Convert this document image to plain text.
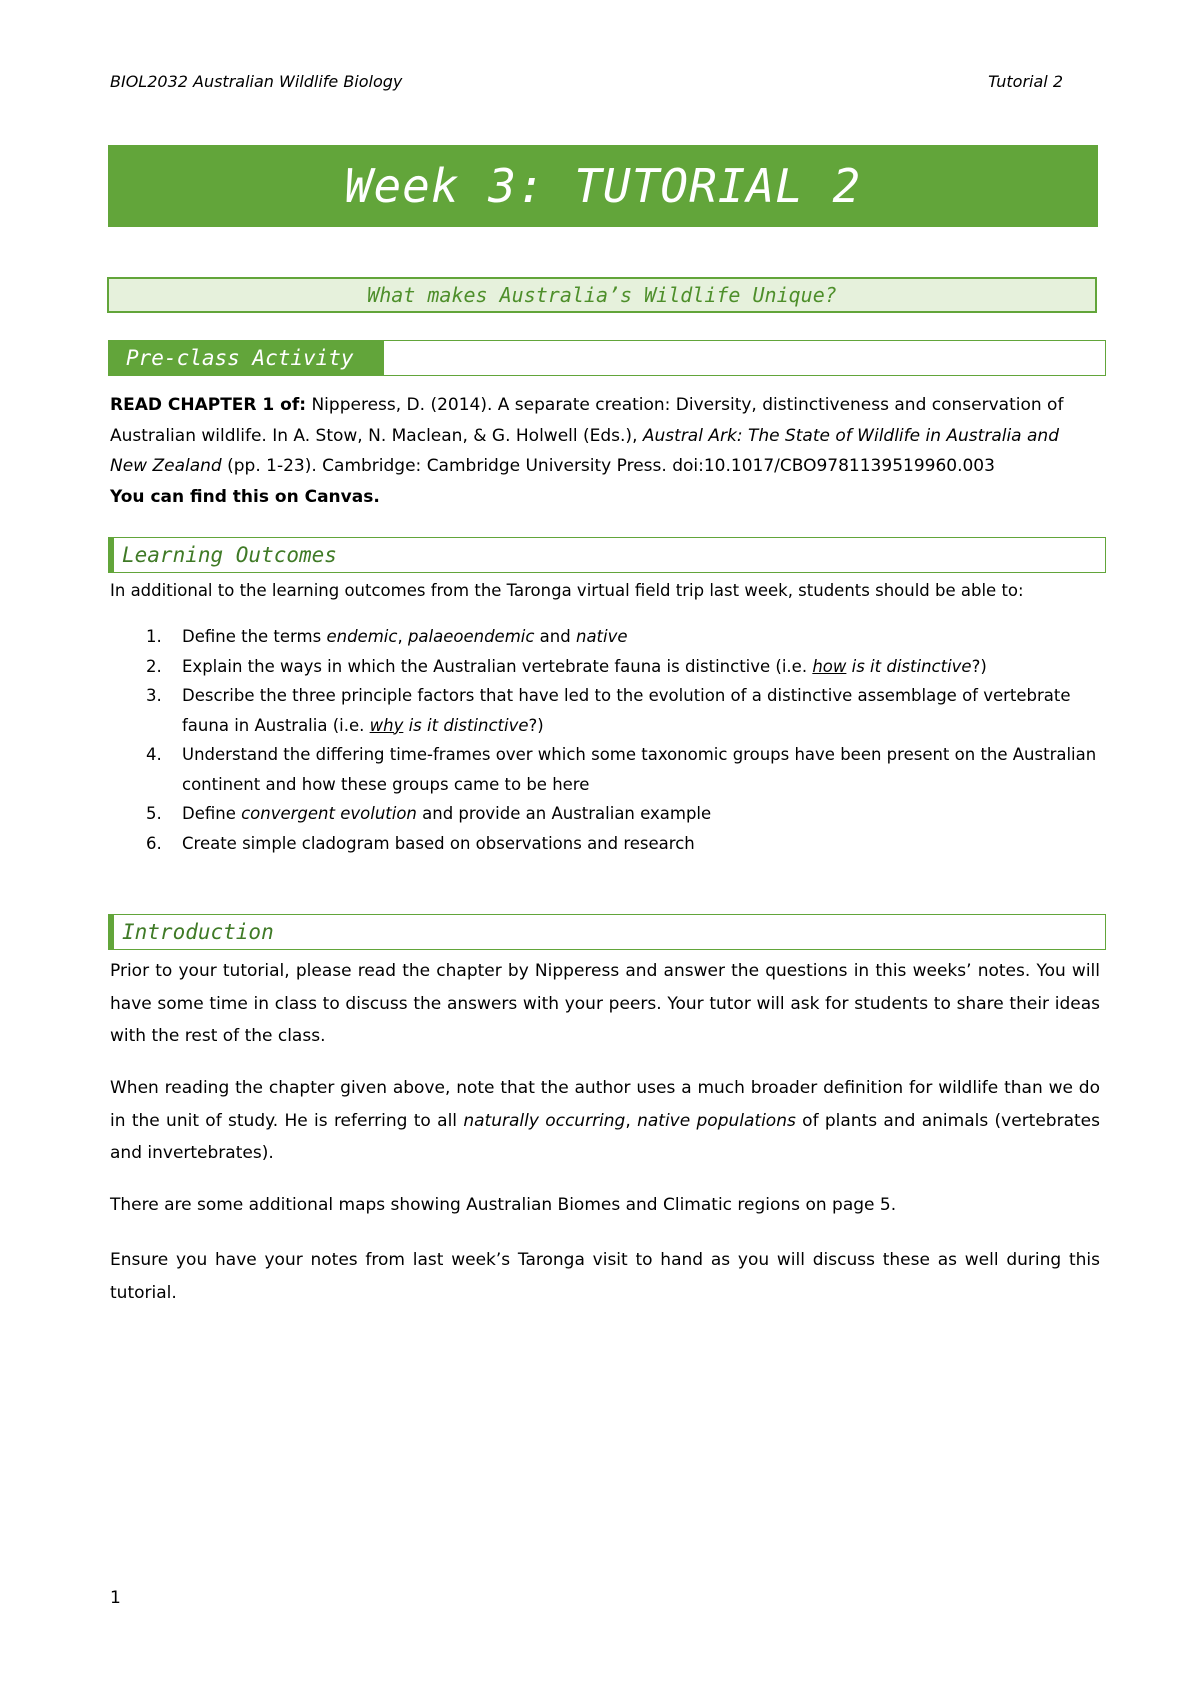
BIOL2032 Australian Wildlife Biology	Tutorial 2
Week 3: TUTORIAL 2
What makes Australia’s Wildlife Unique?
Pre-class Activity
READ CHAPTER 1 of: Nipperess, D. (2014). A separate creation: Diversity, distinctiveness and conservation of Australian wildlife. In A. Stow, N. Maclean, & G. Holwell (Eds.), Austral Ark: The State of Wildlife in Australia and New Zealand (pp. 1-23). Cambridge: Cambridge University Press. doi:10.1017/CBO9781139519960.003
You can find this on Canvas.
Learning Outcomes
In additional to the learning outcomes from the Taronga virtual field trip last week, students should be able to:
1. Define the terms endemic, palaeoendemic and native
2. Explain the ways in which the Australian vertebrate fauna is distinctive (i.e. how is it distinctive?)
3. Describe the three principle factors that have led to the evolution of a distinctive assemblage of vertebrate fauna in Australia (i.e. why is it distinctive?)
4. Understand the differing time-frames over which some taxonomic groups have been present on the Australian continent and how these groups came to be here
5. Define convergent evolution and provide an Australian example
6. Create simple cladogram based on observations and research
Introduction
Prior to your tutorial, please read the chapter by Nipperess and answer the questions in this weeks’ notes. You will have some time in class to discuss the answers with your peers. Your tutor will ask for students to share their ideas with the rest of the class.
When reading the chapter given above, note that the author uses a much broader definition for wildlife than we do in the unit of study. He is referring to all naturally occurring, native populations of plants and animals (vertebrates and invertebrates).
There are some additional maps showing Australian Biomes and Climatic regions on page 5.
Ensure you have your notes from last week’s Taronga visit to hand as you will discuss these as well during this tutorial.
1
